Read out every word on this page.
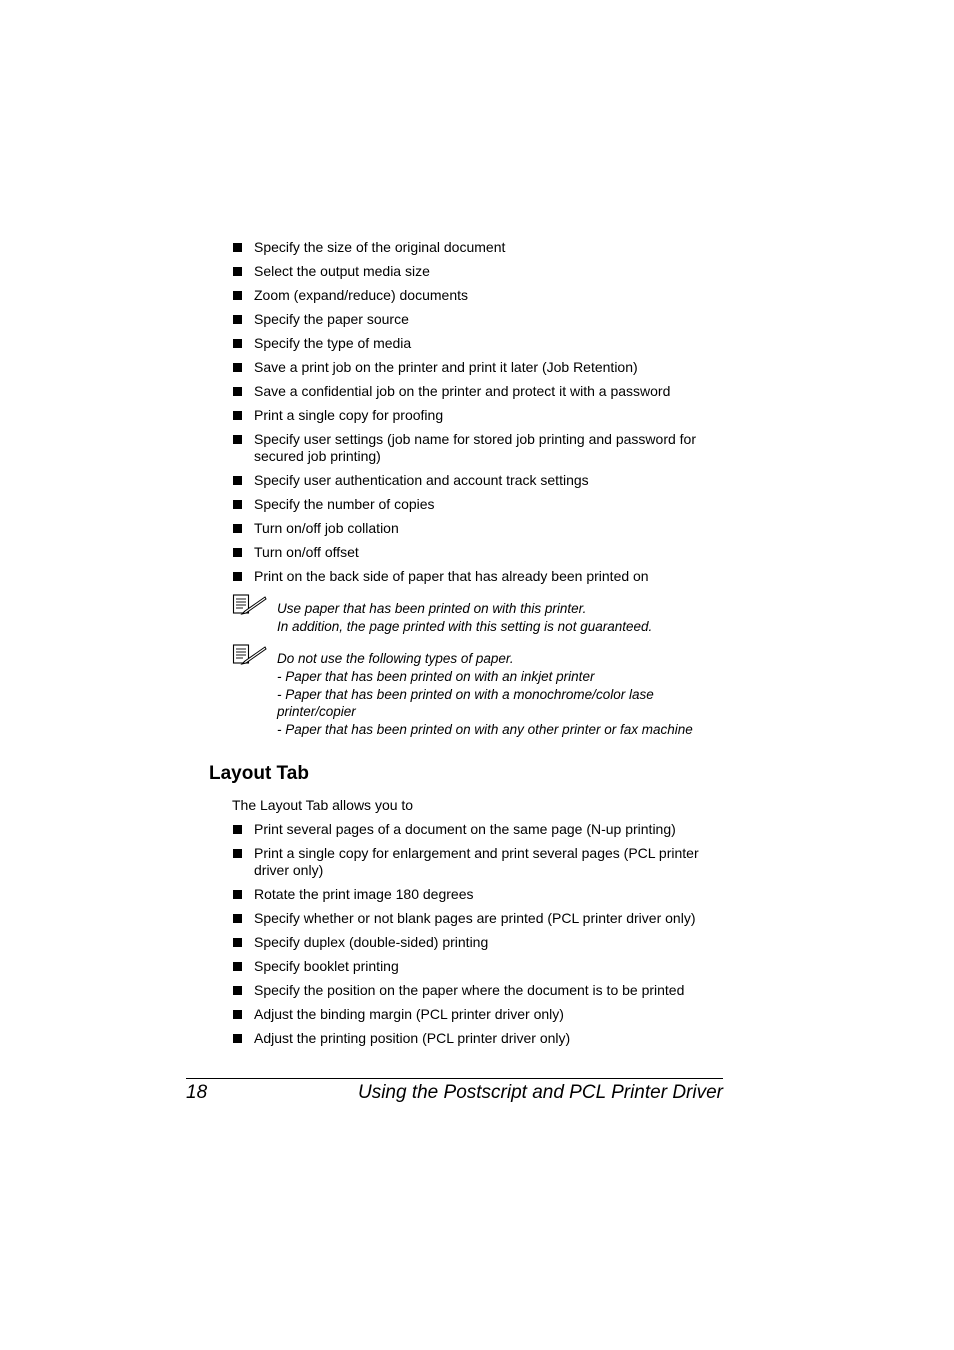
Specify the size of the original document
Select the output media size
Zoom (expand/reduce) documents
Specify the paper source
Specify the type of media
Save a print job on the printer and print it later (Job Retention)
Save a confidential job on the printer and protect it with a password
Print a single copy for proofing
Specify user settings (job name for stored job printing and password for secured job printing)
Specify user authentication and account track settings
Specify the number of copies
Turn on/off job collation
Turn on/off offset
Print on the back side of paper that has already been printed on
Use paper that has been printed on with this printer.
In addition, the page printed with this setting is not guaranteed.
Do not use the following types of paper.
- Paper that has been printed on with an inkjet printer
- Paper that has been printed on with a monochrome/color lase
printer/copier
- Paper that has been printed on with any other printer or fax machine
Layout Tab
The Layout Tab allows you to
Print several pages of a document on the same page (N-up printing)
Print a single copy for enlargement and print several pages (PCL printer driver only)
Rotate the print image 180 degrees
Specify whether or not blank pages are printed (PCL printer driver only)
Specify duplex (double-sided) printing
Specify booklet printing
Specify the position on the paper where the document is to be printed
Adjust the binding margin (PCL printer driver only)
Adjust the printing position (PCL printer driver only)
18	Using the Postscript and PCL Printer Driver
